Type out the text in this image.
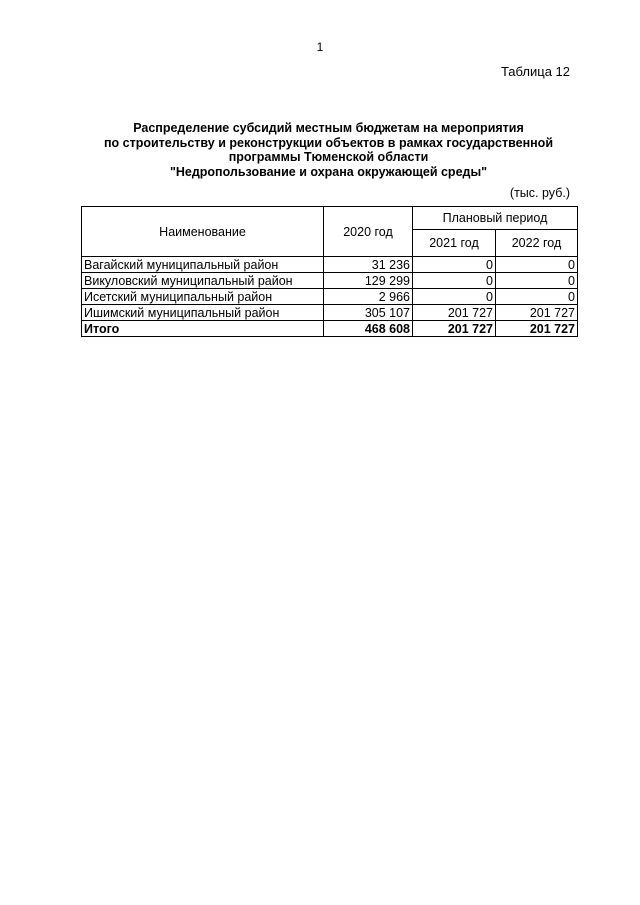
1
Таблица 12
Распределение субсидий местным бюджетам на мероприятия
по строительству и реконструкции объектов в рамках государственной
программы Тюменской области
"Недропользование и охрана окружающей среды"
(тыс. руб.)
Наименование	2020 год	Плановый период	
		2021 год	2022 год
Вагайский муниципальный район	31 236	0	0
Викуловский муниципальный район	129 299	0	0
Исетский муниципальный район	2 966	0	0
Ишимский муниципальный район	305 107	201 727	201 727
Итого	468 608	201 727	201 727
